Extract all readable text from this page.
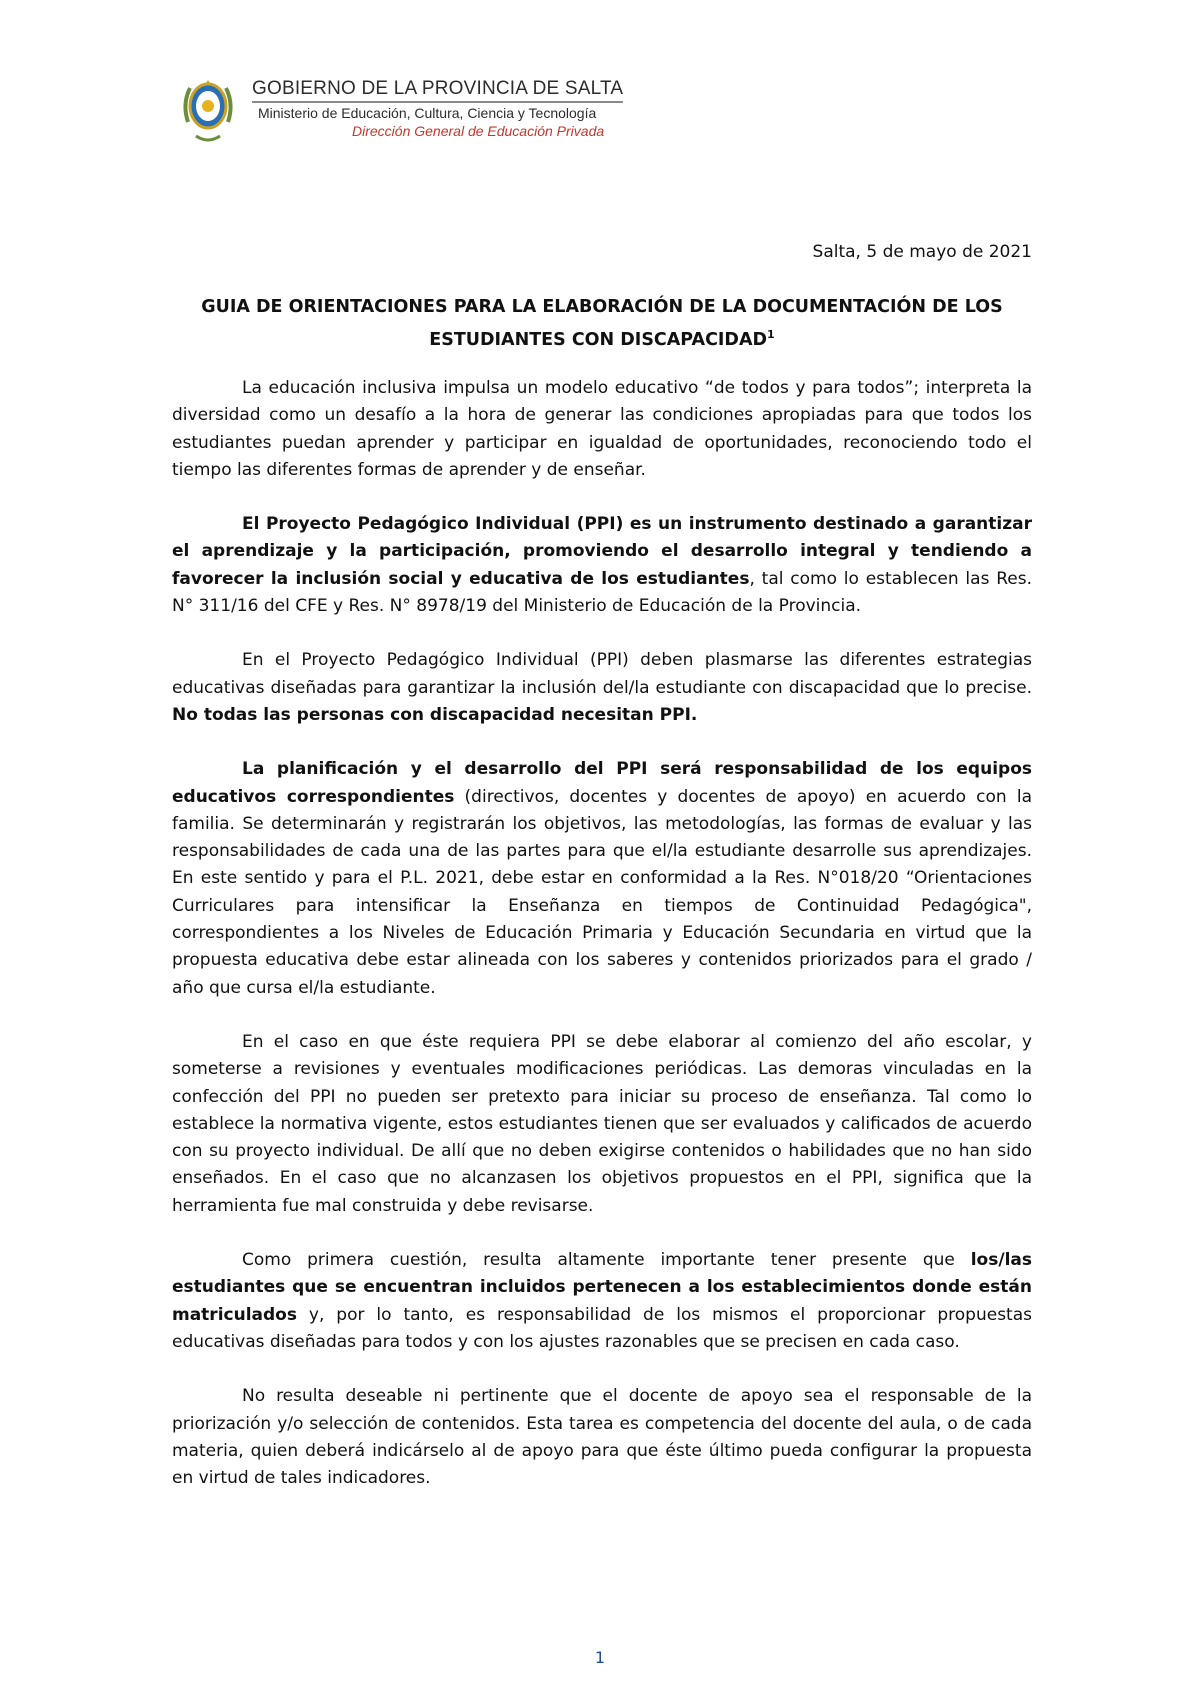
GOBIERNO DE LA PROVINCIA DE SALTA
Ministerio de Educación, Cultura, Ciencia y Tecnología
Dirección General de Educación Privada
Salta, 5 de mayo de 2021
GUIA DE ORIENTACIONES PARA LA ELABORACIÓN DE LA DOCUMENTACIÓN DE LOS
ESTUDIANTES CON DISCAPACIDAD$^1$

La educación inclusiva impulsa un modelo educativo “de todos y para todos”; interpreta la diversidad como un desafío a la hora de generar las condiciones apropiadas para que todos los estudiantes puedan aprender y participar en igualdad de oportunidades, reconociendo todo el tiempo las diferentes formas de aprender y de enseñar.

El Proyecto Pedagógico Individual (PPI) es un instrumento destinado a garantizar el aprendizaje y la participación, promoviendo el desarrollo integral y tendiendo a favorecer la inclusión social y educativa de los estudiantes, tal como lo establecen las Res. N° 311/16 del CFE y Res. N° 8978/19 del Ministerio de Educación de la Provincia.

En el Proyecto Pedagógico Individual (PPI) deben plasmarse las diferentes estrategias educativas diseñadas para garantizar la inclusión del/la estudiante con discapacidad que lo precise. No todas las personas con discapacidad necesitan PPI.

La planificación y el desarrollo del PPI será responsabilidad de los equipos educativos correspondientes (directivos, docentes y docentes de apoyo) en acuerdo con la familia. Se determinarán y registrarán los objetivos, las metodologías, las formas de evaluar y las responsabilidades de cada una de las partes para que el/la estudiante desarrolle sus aprendizajes. En este sentido y para el P.L. 2021, debe estar en conformidad a la Res. N°018/20 “Orientaciones Curriculares para intensificar la Enseñanza en tiempos de Continuidad Pedagógica", correspondientes a los Niveles de Educación Primaria y Educación Secundaria en virtud que la propuesta educativa debe estar alineada con los saberes y contenidos priorizados para el grado / año que cursa el/la estudiante.

En el caso en que éste requiera PPI se debe elaborar al comienzo del año escolar, y someterse a revisiones y eventuales modificaciones periódicas. Las demoras vinculadas en la confección del PPI no pueden ser pretexto para iniciar su proceso de enseñanza. Tal como lo establece la normativa vigente, estos estudiantes tienen que ser evaluados y calificados de acuerdo con su proyecto individual. De allí que no deben exigirse contenidos o habilidades que no han sido enseñados. En el caso que no alcanzasen los objetivos propuestos en el PPI, significa que la herramienta fue mal construida y debe revisarse.

Como primera cuestión, resulta altamente importante tener presente que los/las estudiantes que se encuentran incluidos pertenecen a los establecimientos donde están matriculados y, por lo tanto, es responsabilidad de los mismos el proporcionar propuestas educativas diseñadas para todos y con los ajustes razonables que se precisen en cada caso.

No resulta deseable ni pertinente que el docente de apoyo sea el responsable de la priorización y/o selección de contenidos. Esta tarea es competencia del docente del aula, o de cada materia, quien deberá indicárselo al de apoyo para que éste último pueda configurar la propuesta en virtud de tales indicadores.

1
